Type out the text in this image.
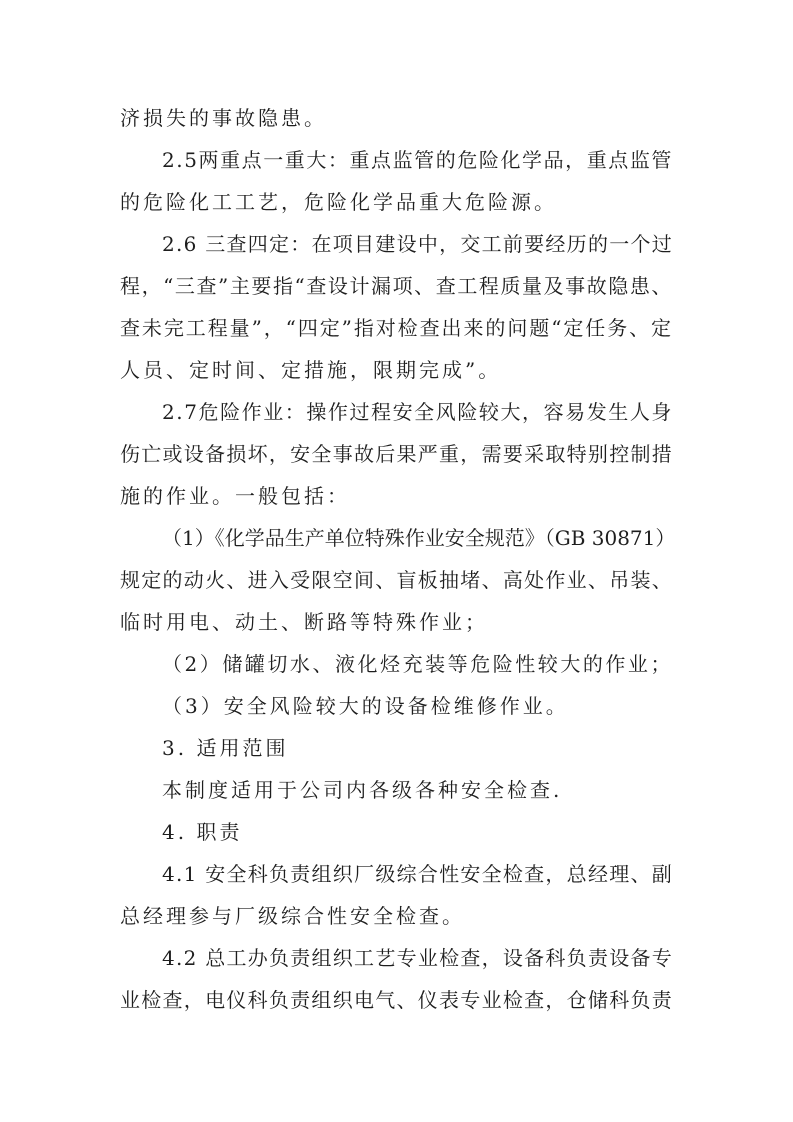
济损失的事故隐患。
2.5两重点一重大：重点监管的危险化学品，重点监管
的危险化工工艺，危险化学品重大危险源。
2.6 三查四定：在项目建设中，交工前要经历的一个过
程，“三查”主要指“查设计漏项、查工程质量及事故隐患、
查未完工程量”，“四定”指对检查出来的问题“定任务、定
人员、定时间、定措施，限期完成”。
2.7危险作业：操作过程安全风险较大，容易发生人身
伤亡或设备损坏，安全事故后果严重，需要采取特别控制措
施的作业。一般包括：
（1）《化学品生产单位特殊作业安全规范》（GB 30871）
规定的动火、进入受限空间、盲板抽堵、高处作业、吊装、
临时用电、动土、断路等特殊作业；
（2）储罐切水、液化烃充装等危险性较大的作业；
（3）安全风险较大的设备检维修作业。
3. 适用范围
本制度适用于公司内各级各种安全检查.
4. 职责
4.1 安全科负责组织厂级综合性安全检查，总经理、副
总经理参与厂级综合性安全检查。
4.2 总工办负责组织工艺专业检查，设备科负责设备专
业检查，电仪科负责组织电气、仪表专业检查，仓储科负责
